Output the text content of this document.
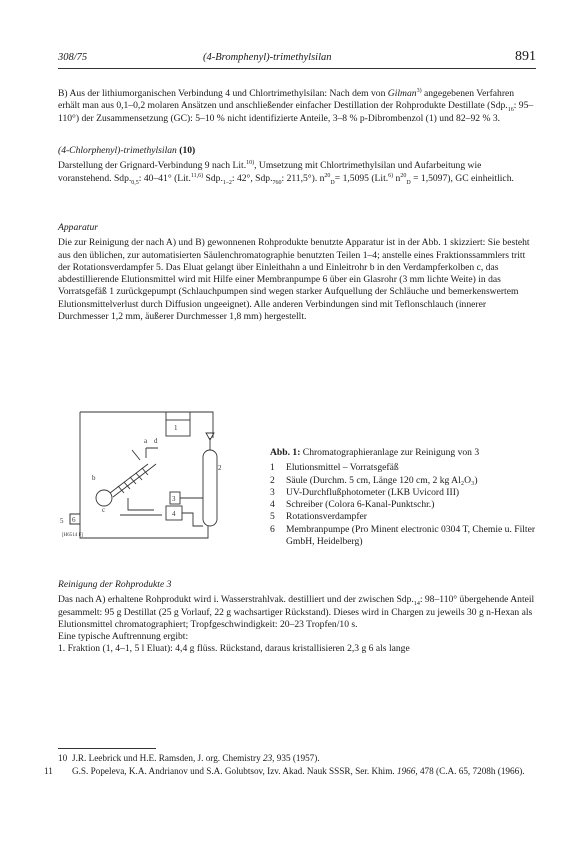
308/75	(4-Bromphenyl)-trimethylsilan	891

B) Aus der lithiumorganischen Verbindung 4 und Chlortrimethylsilan: Nach dem von Gilman$^{3)}$ angegebenen Verfahren erhält man aus 0,1–0,2 molaren Ansätzen und anschließender einfacher Destillation der Rohprodukte Destillate ($Sdp._{16}$: 95–110°) der Zusammensetzung (GC): 5–10 % nicht identifizierte Anteile, 3–8 % p-Dibrombenzol (1) und 82–92 % 3.

(4-Chlorphenyl)-trimethylsilan (10)

Darstellung der Grignard-Verbindung 9 nach Lit.$^{10)}$, Umsetzung mit Chlortrimethylsilan und Aufarbeitung wie voranstehend. $Sdp._{0,5}$: 40–41° (Lit.$^{11,6)}$ $Sdp._{1-2}$: 42°, $Sdp._{760}$: 211,5°). $n^{20}_D= 1,5095$ (Lit.$^{6)}$ $n^{20}_D = 1,5097$), GC einheitlich.

Apparatur

Die zur Reinigung der nach A) und B) gewonnenen Rohprodukte benutzte Apparatur ist in der Abb. 1 skizziert: Sie besteht aus den üblichen, zur automatisierten Säulenchromatographie benutzten Teilen 1–4; anstelle eines Fraktionssammlers tritt der Rotationsverdampfer 5. Das Eluat gelangt über Einleithahn a und Einleitrohr b in den Verdampferkolben c, das abdestillierende Elutionsmittel wird mit Hilfe einer Membranpumpe 6 über ein Glasrohr (3 mm lichte Weite) in das Vorratsgefäß 1 zurückgepumpt (Schlauchpumpen sind wegen starker Aufquellung der Schläuche und bemerkenswertem Elutionsmittelverlust durch Diffusion ungeeignet). Alle anderen Verbindungen sind mit Teflonschlauch (innerer Durchmesser 1,2 mm, äußerer Durchmesser 1,8 mm) hergestellt.

1
2
3
4
5 6
a
b
c
d
[H6514 F]

Abb. 1: Chromatographieranlage zur Reinigung von 3

1	Elutionsmittel – Vorratsgefäß
2	Säule (Durchm. 5 cm, Länge 120 cm, 2 kg Al₂O₃)
3	UV-Durchflußphotometer (LKB Uvicord III)
4	Schreiber (Colora 6-Kanal-Punktschr.)
5	Rotationsverdampfer
6	Membranpumpe (Pro Minent electronic 0304 T, Chemie u. Filter GmbH, Heidelberg)

Reinigung der Rohprodukte 3

Das nach A) erhaltene Rohprodukt wird i. Wasserstrahlvak. destilliert und der zwischen $Sdp._{14}$: 98–110° übergehende Anteil gesammelt: 95 g Destillat (25 g Vorlauf, 22 g wachsartiger Rückstand). Dieses wird in Chargen zu jeweils 30 g n-Hexan als Elutionsmittel chromatographiert; Tropfgeschwindigkeit: 20–23 Tropfen/10 s.

Eine typische Auftrennung ergibt:

1. Fraktion (1, 4–1, 5 l Eluat): 4,4 g flüss. Rückstand, daraus kristallisieren 2,3 g 6 als lange

10 J.R. Leebrick und H.E. Ramsden, J. org. Chemistry 23, 935 (1957).
11 G.S. Popeleva, K.A. Andrianov und S.A. Golubtsov, Izv. Akad. Nauk SSSR, Ser. Khim. 1966, 478 (C.A. 65, 7208h (1966).
